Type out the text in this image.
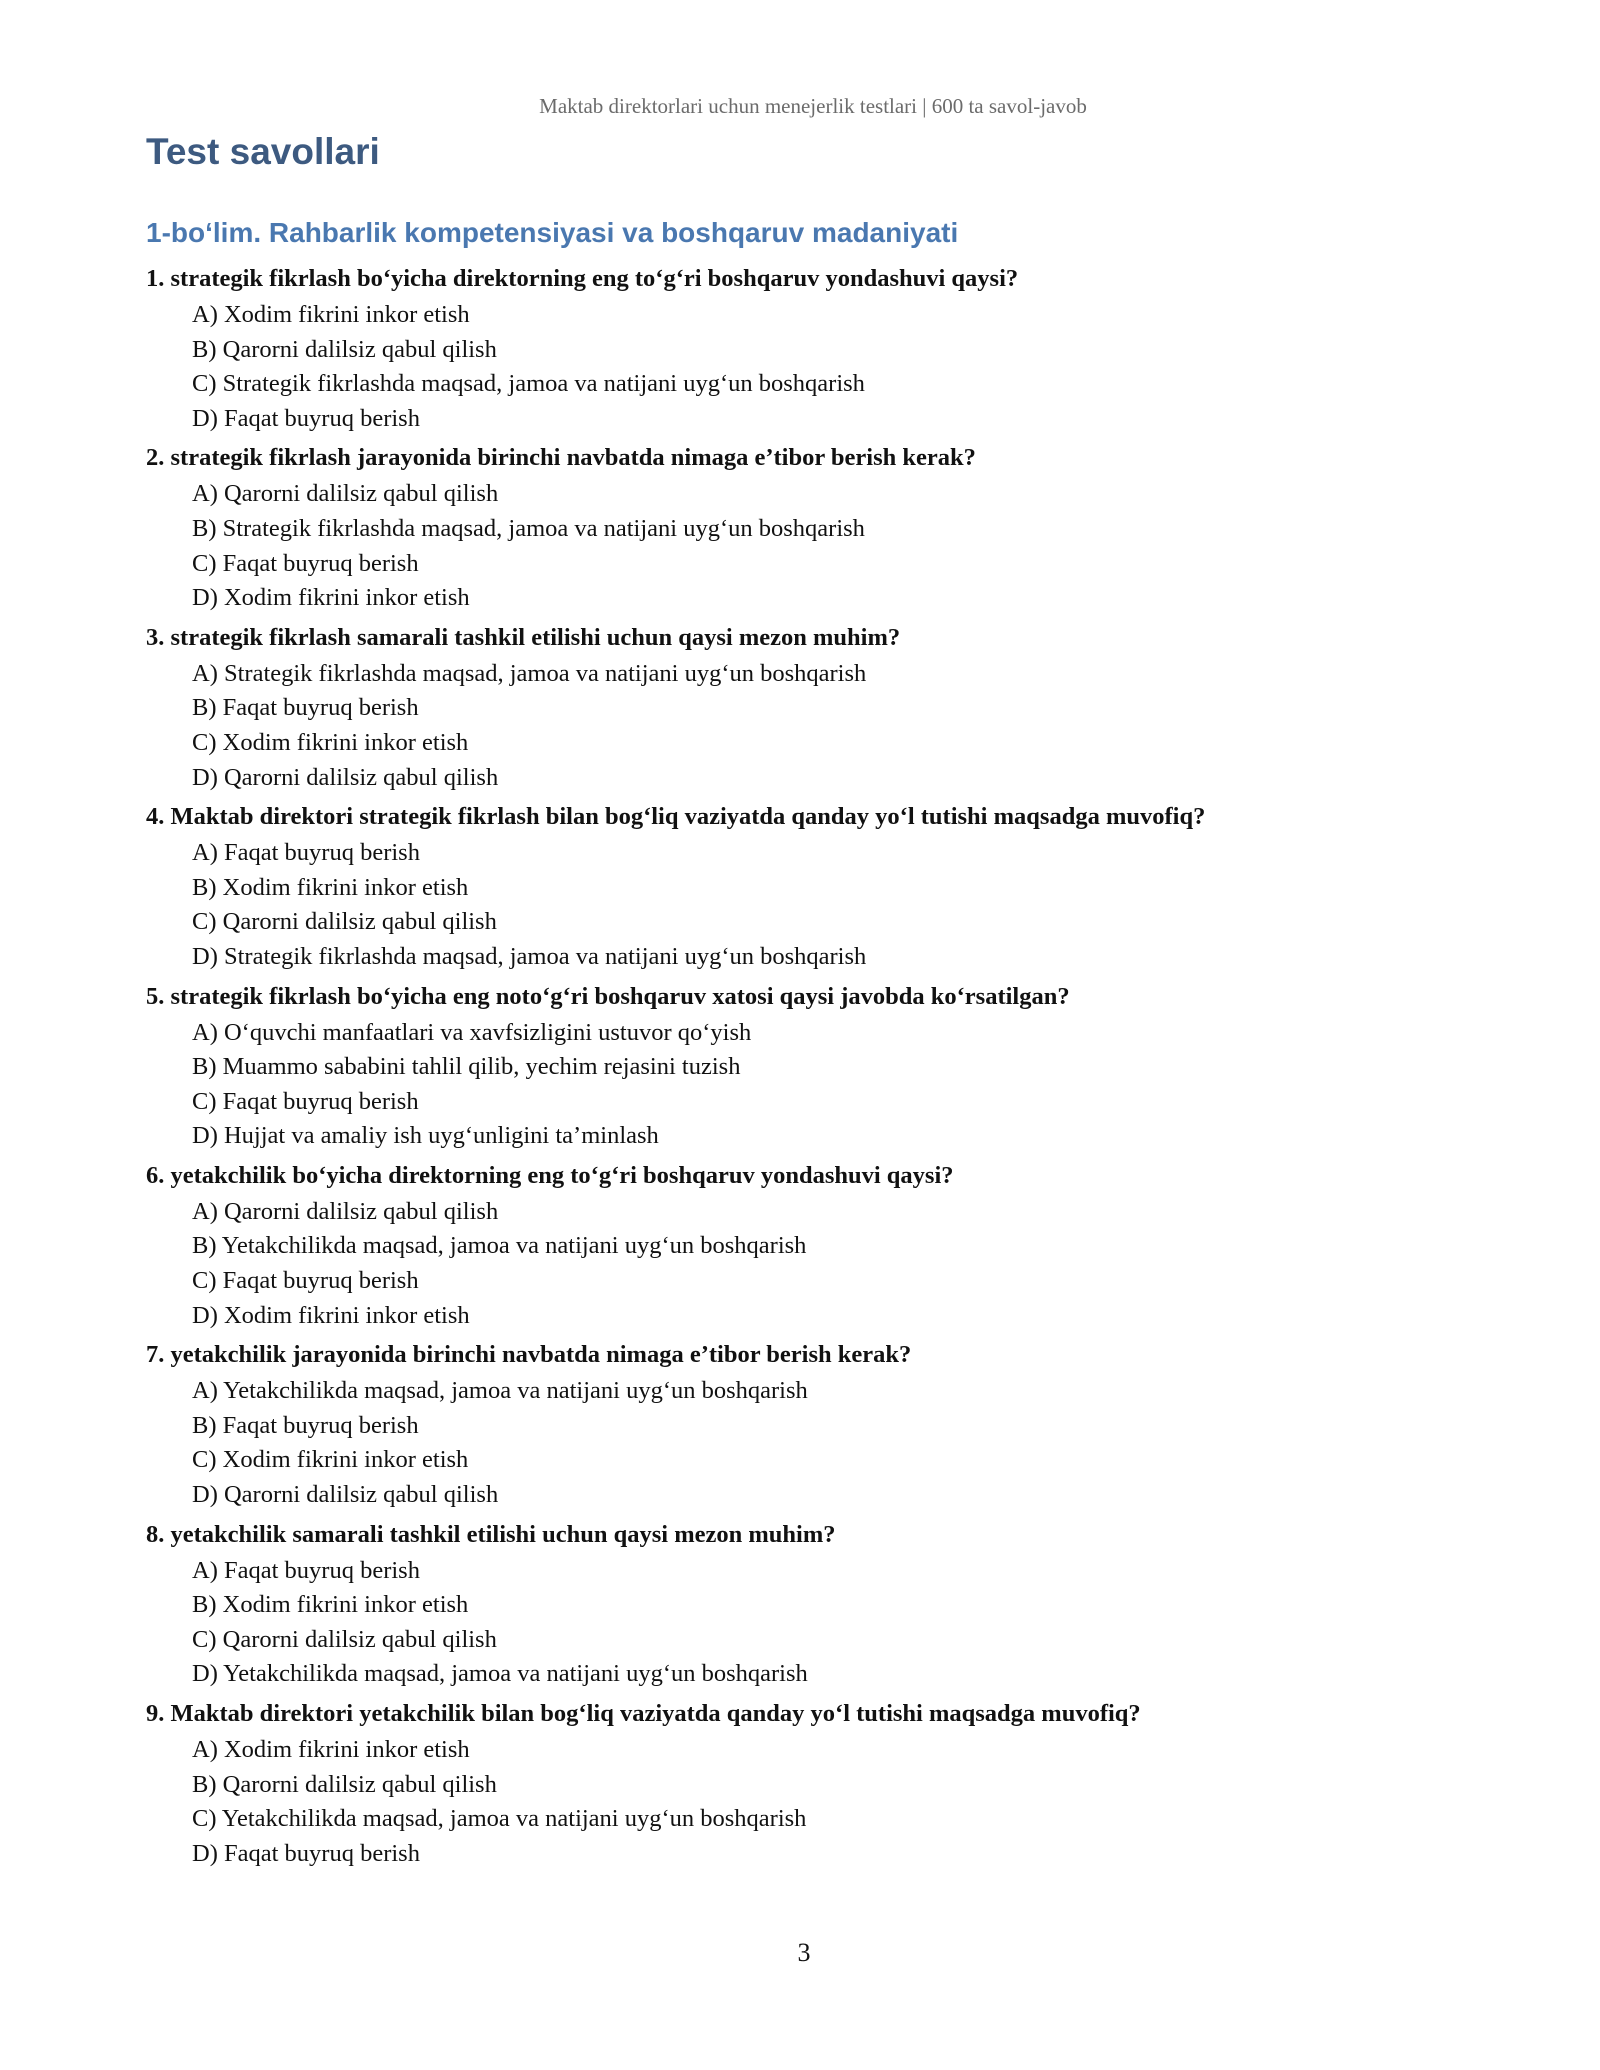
Maktab direktorlari uchun menejerlik testlari | 600 ta savol-javob
Test savollari
1-bo‘lim. Rahbarlik kompetensiyasi va boshqaruv madaniyati
1. strategik fikrlash bo‘yicha direktorning eng to‘g‘ri boshqaruv yondashuvi qaysi?
A) Xodim fikrini inkor etish
B) Qarorni dalilsiz qabul qilish
C) Strategik fikrlashda maqsad, jamoa va natijani uyg‘un boshqarish
D) Faqat buyruq berish
2. strategik fikrlash jarayonida birinchi navbatda nimaga e’tibor berish kerak?
A) Qarorni dalilsiz qabul qilish
B) Strategik fikrlashda maqsad, jamoa va natijani uyg‘un boshqarish
C) Faqat buyruq berish
D) Xodim fikrini inkor etish
3. strategik fikrlash samarali tashkil etilishi uchun qaysi mezon muhim?
A) Strategik fikrlashda maqsad, jamoa va natijani uyg‘un boshqarish
B) Faqat buyruq berish
C) Xodim fikrini inkor etish
D) Qarorni dalilsiz qabul qilish
4. Maktab direktori strategik fikrlash bilan bog‘liq vaziyatda qanday yo‘l tutishi maqsadga muvofiq?
A) Faqat buyruq berish
B) Xodim fikrini inkor etish
C) Qarorni dalilsiz qabul qilish
D) Strategik fikrlashda maqsad, jamoa va natijani uyg‘un boshqarish
5. strategik fikrlash bo‘yicha eng noto‘g‘ri boshqaruv xatosi qaysi javobda ko‘rsatilgan?
A) O‘quvchi manfaatlari va xavfsizligini ustuvor qo‘yish
B) Muammo sababini tahlil qilib, yechim rejasini tuzish
C) Faqat buyruq berish
D) Hujjat va amaliy ish uyg‘unligini ta’minlash
6. yetakchilik bo‘yicha direktorning eng to‘g‘ri boshqaruv yondashuvi qaysi?
A) Qarorni dalilsiz qabul qilish
B) Yetakchilikda maqsad, jamoa va natijani uyg‘un boshqarish
C) Faqat buyruq berish
D) Xodim fikrini inkor etish
7. yetakchilik jarayonida birinchi navbatda nimaga e’tibor berish kerak?
A) Yetakchilikda maqsad, jamoa va natijani uyg‘un boshqarish
B) Faqat buyruq berish
C) Xodim fikrini inkor etish
D) Qarorni dalilsiz qabul qilish
8. yetakchilik samarali tashkil etilishi uchun qaysi mezon muhim?
A) Faqat buyruq berish
B) Xodim fikrini inkor etish
C) Qarorni dalilsiz qabul qilish
D) Yetakchilikda maqsad, jamoa va natijani uyg‘un boshqarish
9. Maktab direktori yetakchilik bilan bog‘liq vaziyatda qanday yo‘l tutishi maqsadga muvofiq?
A) Xodim fikrini inkor etish
B) Qarorni dalilsiz qabul qilish
C) Yetakchilikda maqsad, jamoa va natijani uyg‘un boshqarish
D) Faqat buyruq berish
3
